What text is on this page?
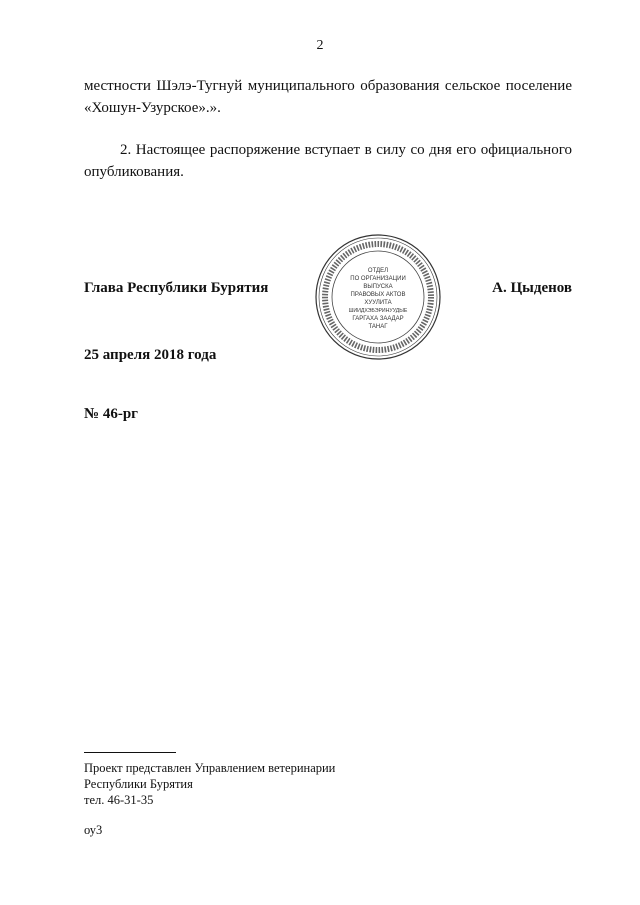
2

местности Шэлэ-Тугнуй муниципального образования сельское поселение «Хошун-Узурское».».

2. Настоящее распоряжение вступает в силу со дня его официального опубликования.

Глава Республики Бурятия	А. Цыденов
ОТДЕЛ
ПО ОРГАНИЗАЦИИ
ВЫПУСКА
ПРАВОВЫХ АКТОВ
ХУУЛИТА
ШИИДХЭБЭРИНУУДЫЕ
ГАРГАХА ЗААДАР
ТАНАГ
25 апреля 2018 года
№ 46-рг

Проект представлен Управлением ветеринарии
Республики Бурятия
тел. 46-31-35

оу3
